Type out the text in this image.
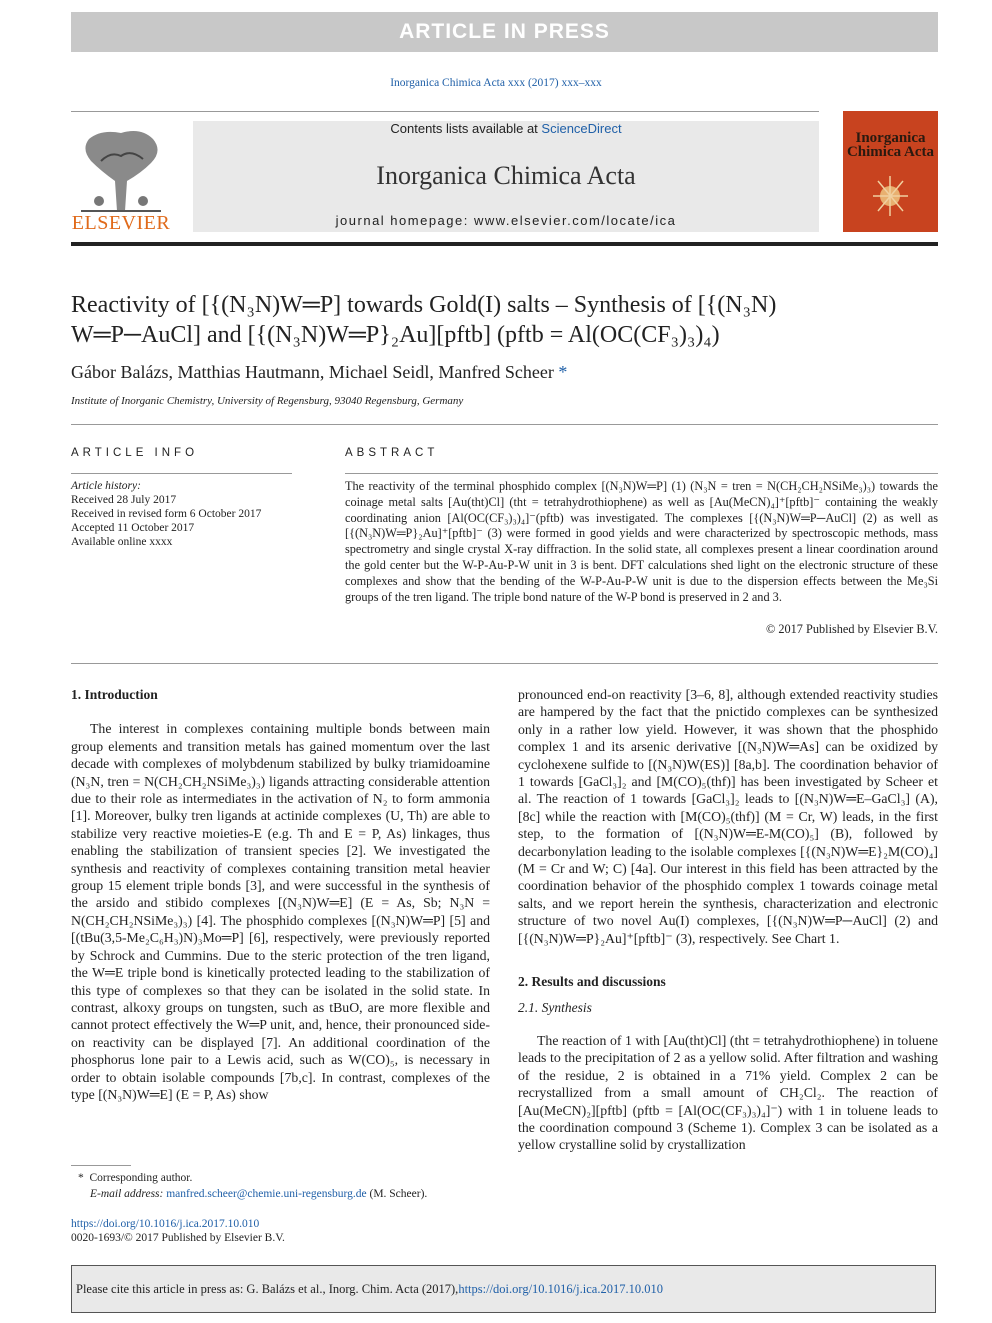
ARTICLE IN PRESS
Inorganica Chimica Acta xxx (2017) xxx–xxx
ELSEVIER
Contents lists available at ScienceDirect
Inorganica Chimica Acta
journal homepage: www.elsevier.com/locate/ica
Inorganica Chimica Acta
Reactivity of [{(N₃N)W═P] towards Gold(I) salts – Synthesis of [{(N₃N)
W═P─AuCl] and [{(N₃N)W═P}₂Au][pftb] (pftb = Al(OC(CF₃)₃)₄)
Gábor Balázs, Matthias Hautmann, Michael Seidl, Manfred Scheer *
Institute of Inorganic Chemistry, University of Regensburg, 93040 Regensburg, Germany
ARTICLE INFO
Article history:
Received 28 July 2017
Received in revised form 6 October 2017
Accepted 11 October 2017
Available online xxxx
ABSTRACT
The reactivity of the terminal phosphido complex [(N₃N)W═P] (1) (N₃N = tren = N(CH₂CH₂NSiMe₃)₃) towards the coinage metal salts [Au(tht)Cl] (tht = tetrahydrothiophene) as well as [Au(MeCN)₄]⁺[pftb]⁻ containing the weakly coordinating anion [Al(OC(CF₃)₃)₄]⁻(pftb) was investigated. The complexes [{(N₃N)W═P─AuCl] (2) as well as [{(N₃N)W═P}₂Au]⁺[pftb]⁻ (3) were formed in good yields and were characterized by spectroscopic methods, mass spectrometry and single crystal X-ray diffraction. In the solid state, all complexes present a linear coordination around the gold center but the W-P-Au-P-W unit in 3 is bent. DFT calculations shed light on the electronic structure of these complexes and show that the bending of the W-P-Au-P-W unit is due to the dispersion effects between the Me₃Si groups of the tren ligand. The triple bond nature of the W-P bond is preserved in 2 and 3.
© 2017 Published by Elsevier B.V.
1. Introduction

The interest in complexes containing multiple bonds between main group elements and transition metals has gained momentum over the last decade with complexes of molybdenum stabilized by bulky triamidoamine (N₃N, tren = N(CH₂CH₂NSiMe₃)₃) ligands attracting considerable attention due to their role as intermediates in the activation of N₂ to form ammonia [1]. Moreover, bulky tren ligands at actinide complexes (U, Th) are able to stabilize very reactive moieties-E (e.g. Th and E = P, As) linkages, thus enabling the stabilization of transient species [2]. We investigated the synthesis and reactivity of complexes containing transition metal heavier group 15 element triple bonds [3], and were successful in the synthesis of the arsido and stibido complexes [(N₃N)W═E] (E = As, Sb; N₃N = N(CH₂CH₂NSiMe₃)₃) [4]. The phosphido complexes [(N₃N)W═P] [5] and [(tBu(3,5-Me₂C₆H₃)N)₃Mo═P] [6], respectively, were previously reported by Schrock and Cummins. Due to the steric protection of the tren ligand, the W═E triple bond is kinetically protected leading to the stabilization of this type of complexes so that they can be isolated in the solid state. In contrast, alkoxy groups on tungsten, such as tBuO, are more flexible and cannot protect effectively the W═P unit, and, hence, their pronounced side-on reactivity can be displayed [7]. An additional coordination of the phosphorus lone pair to a Lewis acid, such as W(CO)₅, is necessary in order to obtain isolable compounds [7b,c]. In contrast, complexes of the type [(N₃N)W═E] (E = P, As) show

pronounced end-on reactivity [3–6, 8], although extended reactivity studies are hampered by the fact that the pnictido complexes can be synthesized only in a rather low yield. However, it was shown that the phosphido complex 1 and its arsenic derivative [(N₃N)W═As] can be oxidized by cyclohexene sulfide to [(N₃N)W(ES)] [8a,b]. The coordination behavior of 1 towards [GaCl₃]₂ and [M(CO)₅(thf)] has been investigated by Scheer et al. The reaction of 1 towards [GaCl₃]₂ leads to [(N₃N)W═E–GaCl₃] (A), [8c] while the reaction with [M(CO)₅(thf)] (M = Cr, W) leads, in the first step, to the formation of [(N₃N)W═E-M(CO)₅] (B), followed by decarbonylation leading to the isolable complexes [{(N₃N)W═E}₂M(CO)₄] (M = Cr and W; C) [4a]. Our interest in this field has been attracted by the coordination behavior of the phosphido complex 1 towards coinage metal salts, and we report herein the synthesis, characterization and electronic structure of two novel Au(I) complexes, [{(N₃N)W═P─AuCl] (2) and [{(N₃N)W═P}₂Au]⁺[pftb]⁻ (3), respectively. See Chart 1.

2. Results and discussions
2.1. Synthesis

The reaction of 1 with [Au(tht)Cl] (tht = tetrahydrothiophene) in toluene leads to the precipitation of 2 as a yellow solid. After filtration and washing of the residue, 2 is obtained in a 71% yield. Complex 2 can be recrystallized from a small amount of CH₂Cl₂. The reaction of [Au(MeCN)₂][pftb] (pftb = [Al(OC(CF₃)₃)₄]⁻) with 1 in toluene leads to the coordination compound 3 (Scheme 1). Complex 3 can be isolated as a yellow crystalline solid by crystallization

* Corresponding author.
E-mail address: manfred.scheer@chemie.uni-regensburg.de (M. Scheer).
https://doi.org/10.1016/j.ica.2017.10.010
0020-1693/© 2017 Published by Elsevier B.V.
Please cite this article in press as: G. Balázs et al., Inorg. Chim. Acta (2017), https://doi.org/10.1016/j.ica.2017.10.010
